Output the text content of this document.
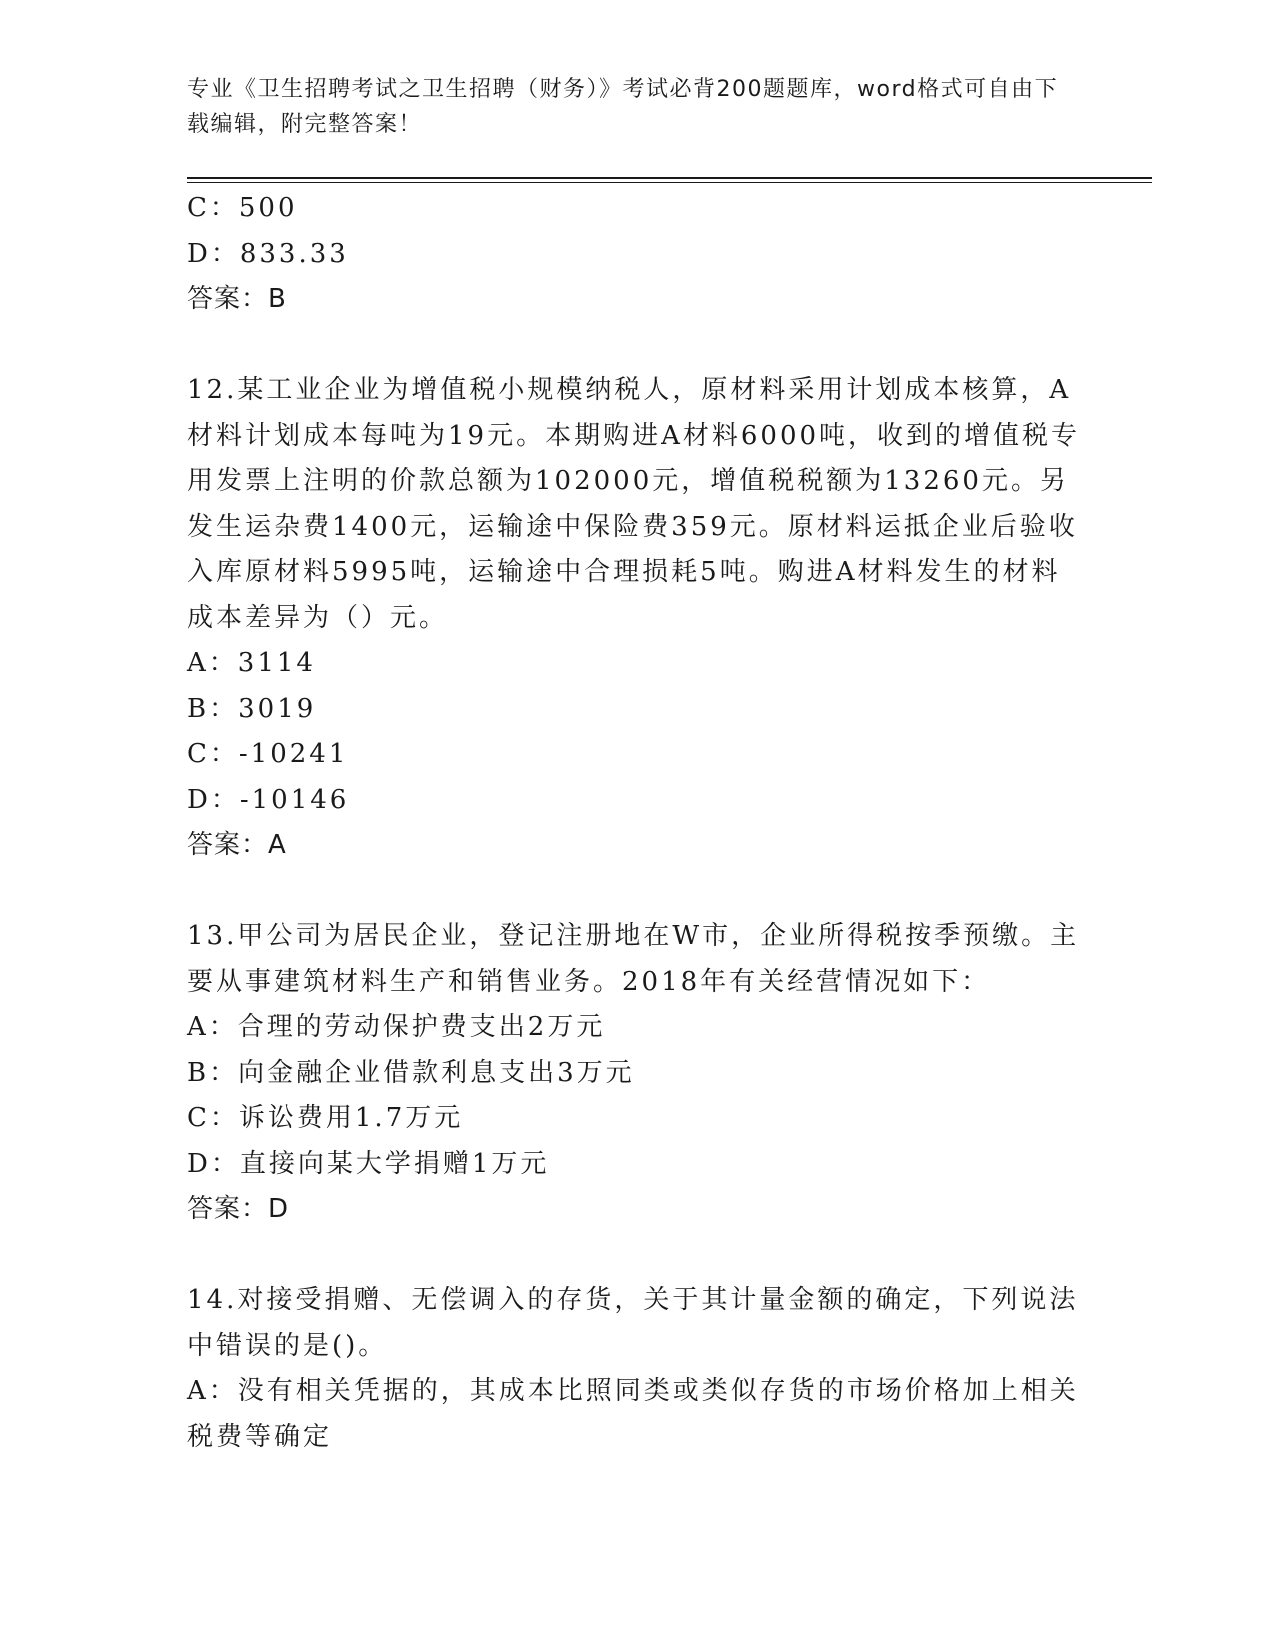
专业《卫生招聘考试之卫生招聘（财务）》考试必背200题题库，word格式可自由下载编辑，附完整答案！
C：500
D：833.33
答案：B
12.某工业企业为增值税小规模纳税人，原材料采用计划成本核算，A材料计划成本每吨为19元。本期购进A材料6000吨，收到的增值税专用发票上注明的价款总额为102000元，增值税税额为13260元。另发生运杂费1400元，运输途中保险费359元。原材料运抵企业后验收入库原材料5995吨，运输途中合理损耗5吨。购进A材料发生的材料成本差异为（）元。
A：3114
B：3019
C：-10241
D：-10146
答案：A
13.甲公司为居民企业，登记注册地在W市，企业所得税按季预缴。主要从事建筑材料生产和销售业务。2018年有关经营情况如下：
A：合理的劳动保护费支出2万元
B：向金融企业借款利息支出3万元
C：诉讼费用1.7万元
D：直接向某大学捐赠1万元
答案：D
14.对接受捐赠、无偿调入的存货，关于其计量金额的确定，下列说法中错误的是()。
A：没有相关凭据的，其成本比照同类或类似存货的市场价格加上相关税费等确定
